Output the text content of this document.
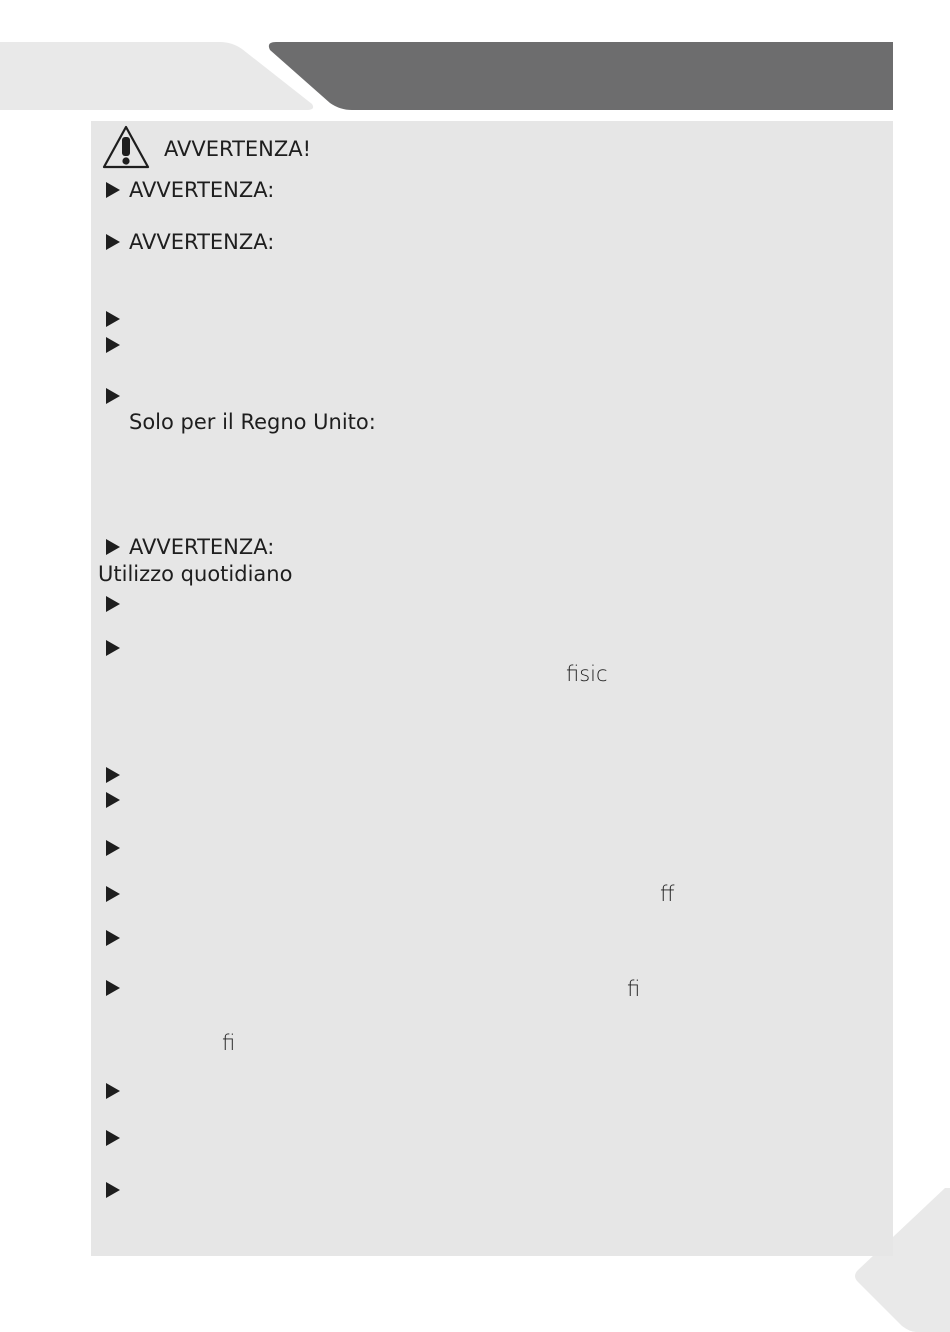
AVVERTENZA!
AVVERTENZA:
AVVERTENZA:
Solo per il Regno Unito:
AVVERTENZA:
Utilizzo quotidiano
fisic
ff
fi
fi
